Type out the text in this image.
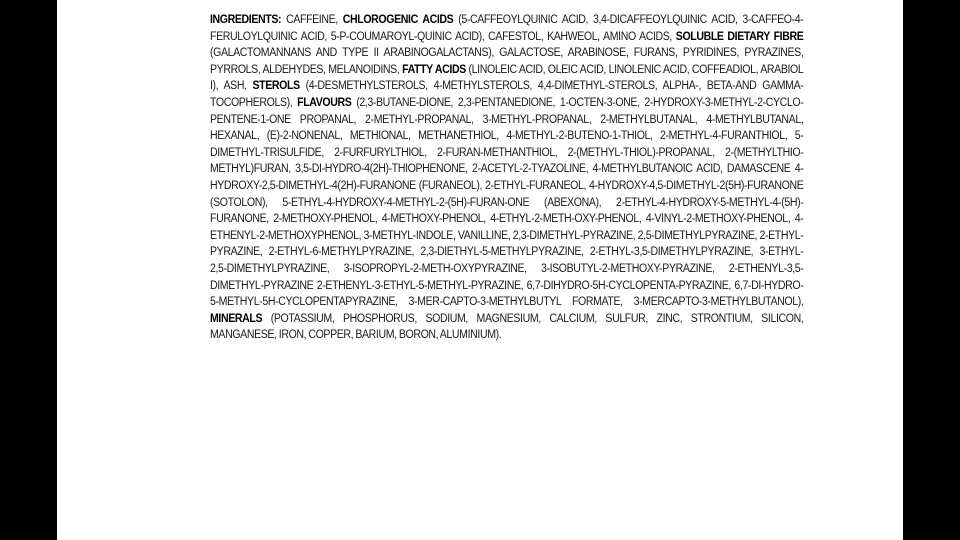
INGREDIENTS: CAFFEINE, CHLOROGENIC ACIDS (5-CAFFEOYLQUINIC ACID, 3,4-DICAFFEOYLQUINIC ACID, 3-CAFFEO-4-FERULOYLQUINIC ACID, 5-P-COUMAROYL-QUINIC ACID), CAFESTOL, KAHWEOL, AMINO ACIDS, SOLUBLE DIETARY FIBRE (GALACTOMANNANS AND TYPE II ARABINOGALACTANS), GALACTOSE, ARABINOSE, FURANS, PYRIDINES, PYRAZINES, PYRROLS, ALDEHYDES, MELANOIDINS, FATTY ACIDS (LINOLEIC ACID, OLEIC ACID, LINOLENIC ACID, COFFEADIOL, ARABIOL I), ASH, STEROLS (4-DESMETHYLSTEROLS, 4-METHYLSTEROLS, 4,4-DIMETHYL-STEROLS, ALPHA-, BETA-AND GAMMA-TOCOPHEROLS), FLAVOURS (2,3-BUTANE-DIONE, 2,3-PENTANEDIONE, 1-OCTEN-3-ONE, 2-HYDROXY-3-METHYL-2-CYCLO-PENTENE-1-ONE PROPANAL, 2-METHYL-PROPANAL, 3-METHYL-PROPANAL, 2-METHYLBUTANAL, 4-METHYLBUTANAL, HEXANAL, (E)-2-NONENAL, METHIONAL, METHANETHIOL, 4-METHYL-2-BUTENO-1-THIOL, 2-METHYL-4-FURANTHIOL, 5-DIMETHYL-TRISULFIDE, 2-FURFURYLTHIOL, 2-FURAN-METHANTHIOL, 2-(METHYL-THIOL)-PROPANAL, 2-(METHYLTHIO-METHYL)FURAN, 3,5-DI-HYDRO-4(2H)-THIOPHENONE, 2-ACETYL-2-TYAZOLINE, 4-METHYLBUTANOIC ACID, DAMASCENE 4-HYDROXY-2,5-DIMETHYL-4(2H)-FURANONE (FURANEOL), 2-ETHYL-FURANEOL, 4-HYDROXY-4,5-DIMETHYL-2(5H)-FURANONE (SOTOLON), 5-ETHYL-4-HYDROXY-4-METHYL-2-(5H)-FURAN-ONE (ABEXONA), 2-ETHYL-4-HYDROXY-5-METHYL-4-(5H)-FURANONE, 2-METHOXY-PHENOL, 4-METHOXY-PHENOL, 4-ETHYL-2-METH-OXY-PHENOL, 4-VINYL-2-METHOXY-PHENOL, 4-ETHENYL-2-METHOXYPHENOL, 3-METHYL-INDOLE, VANILLINE, 2,3-DIMETHYL-PYRAZINE, 2,5-DIMETHYLPYRAZINE, 2-ETHYL-PYRAZINE, 2-ETHYL-6-METHYLPYRAZINE, 2,3-DIETHYL-5-METHYLPYRAZINE, 2-ETHYL-3,5-DIMETHYLPYRAZINE, 3-ETHYL-2,5-DIMETHYLPYRAZINE, 3-ISOPROPYL-2-METH-OXYPYRAZINE, 3-ISOBUTYL-2-METHOXY-PYRAZINE, 2-ETHENYL-3,5-DIMETHYL-PYRAZINE 2-ETHENYL-3-ETHYL-5-METHYL-PYRAZINE, 6,7-DIHYDRO-5H-CYCLOPENTA-PYRAZINE, 6,7-DI-HYDRO-5-METHYL-5H-CYCLOPENTAPYRAZINE, 3-MER-CAPTO-3-METHYLBUTYL FORMATE, 3-MERCAPTO-3-METHYLBUTANOL), MINERALS (POTASSIUM, PHOSPHORUS, SODIUM, MAGNESIUM, CALCIUM, SULFUR, ZINC, STRONTIUM, SILICON, MANGANESE, IRON, COPPER, BARIUM, BORON, ALUMINIUM).
